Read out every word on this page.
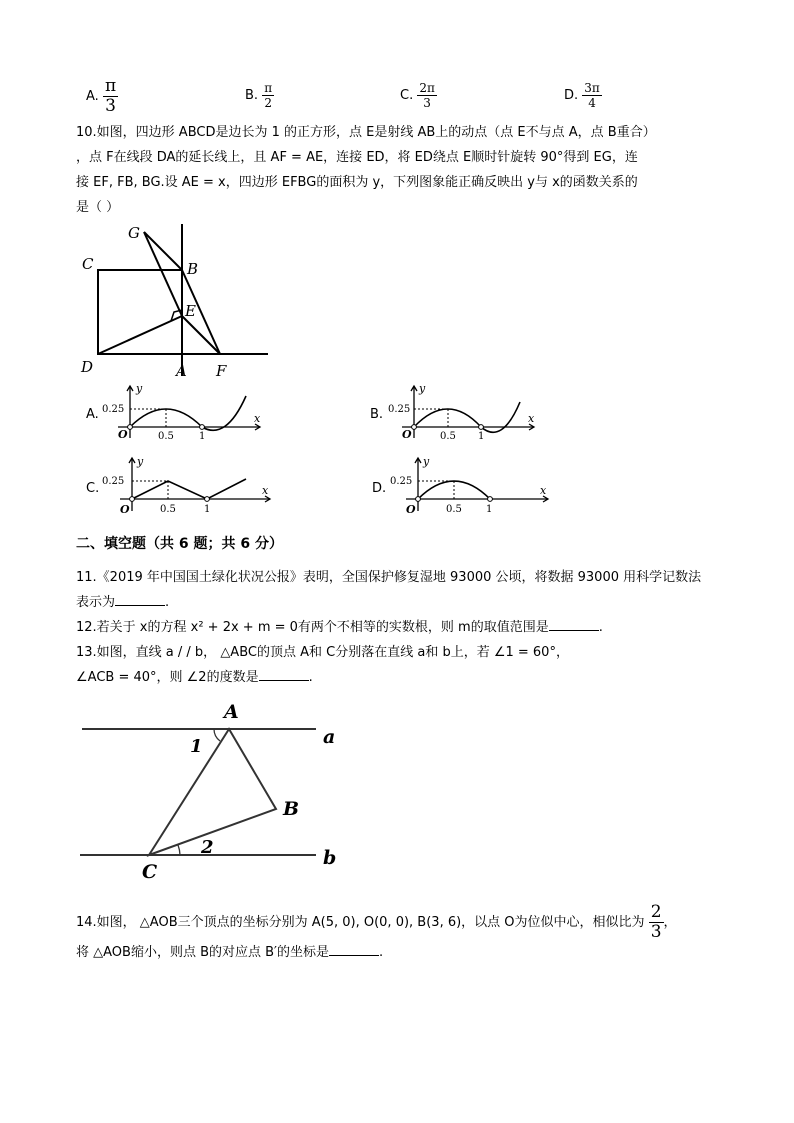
A. $\frac{\pi}{3}$	B. $\frac{\pi}{2}$	C. $\frac{2\pi}{3}$	D. $\frac{3\pi}{4}$
10.如图，四边形 ABCD是边长为 1 的正方形，点 E是射线 AB上的动点（点 E不与点 A，点 B重合）
，点 F在线段 DA的延长线上，且 AF = AE，连接 ED，将 ED绕点 E顺时针旋转 90°得到 EG，连
接 EF, FB, BG.设 AE = x，四边形 EFBG的面积为 y，下列图象能正确反映出 y与 x的函数关系的
是（ ）
G
C	B
E
D	A F
A.
y
x
O
0.25
0.5	1
B.
y
x
O
0.25
0.5 1
C.
y
x
O
0.25
0.5	1
D.
y
x
O
0.25
0.5 1
二、填空题（共 6 题；共 6 分）
11.《2019 年中国国土绿化状况公报》表明，全国保护修复湿地 93000 公顷，将数据 93000 用科学记数法
表示为	.
12.若关于 x的方程 x² + 2x + m = 0有两个不相等的实数根，则 m的取值范围是	.
13.如图，直线 a / / b， △ABC的顶点 A和 C分别落在直线 a和 b上，若 ∠1 = 60°，
∠ACB = 40°，则 ∠2的度数是	.
A
1	a
B
2
C
b
14.如图， △AOB三个顶点的坐标分别为 A(5, 0), O(0, 0), B(3, 6)，以点 O为位似中心，相似比为 $\frac{2}{3}$ ，
将 △AOB缩小，则点 B的对应点 B′的坐标是	.
